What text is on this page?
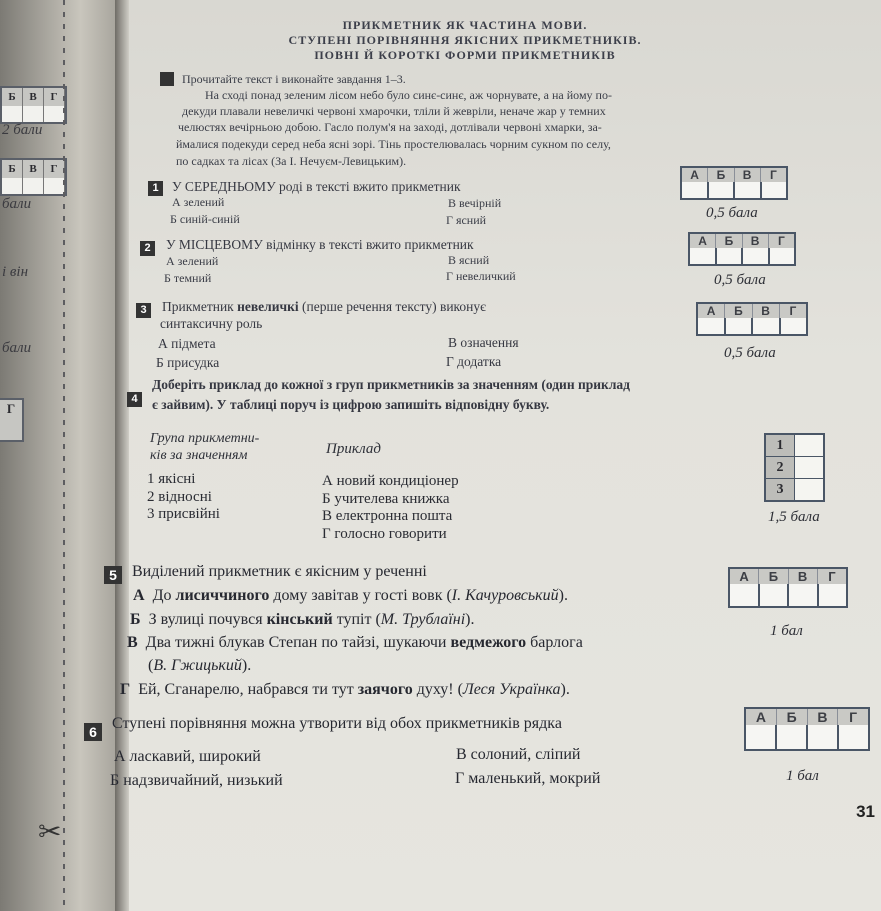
Б	В	Г
2 бали
Б	В	Г
бали
і він
бали
Г
✂
ПРИКМЕТНИК ЯК ЧАСТИНА МОВИ.
СТУПЕНІ ПОРІВНЯННЯ ЯКІСНИХ ПРИКМЕТНИКІВ.
ПОВНІ Й КОРОТКІ ФОРМИ ПРИКМЕТНИКІВ
Прочитайте текст і виконайте завдання 1–3.
На сході понад зеленим лісом небо було синє-синє, аж чорнувате, а на йому по-
декуди плавали невеличкі червоні хмарочки, тліли й жевріли, неначе жар у темних
челюстях вечірньою добою. Гасло полум'я на заході, дотлівали червоні хмарки, за-
ймалися подекуди серед неба ясні зорі. Тінь простелювалась чорним сукном по селу,
по садках та лісах (За І. Нечуєм-Левицьким).
1 У СЕРЕДНЬОМУ роді в тексті вжито прикметник
А зелений
Б синій-синій
В вечірній
Г ясний
А	Б	В	Г
0,5 бала
2	У МІСЦЕВОМУ відмінку в тексті вжито прикметник
А зелений
Б темний
В ясний
Г невеличкий
А	Б	В	Г
0,5 бала
3	Прикметник невеличкі (перше речення тексту) виконує
синтаксичну роль
А підмета
Б присудка
В означення
Г додатка
А	Б	В	Г
0,5 бала
4
Доберіть приклад до кожної з груп прикметників за значенням (один приклад
є зайвим). У таблиці поруч із цифрою запишіть відповідну букву.
Група прикметни-
ків за значенням	Приклад
1 якісні
2 відносні
3 присвійні
А новий кондиціонер
Б учителева книжка
В електронна пошта
Г голосно говорити
1
2
3
1,5 бала
5 Виділений прикметник є якісним у реченні
А До лисиччиного дому завітав у гості вовк (І. Качуровський).
Б З вулиці почувся кінський тупіт (М. Трублаїні).
В Два тижні блукав Степан по тайзі, шукаючи ведмежого барлога
(В. Гжицький).
Г Ей, Сганарелю, набрався ти тут заячого духу! (Леся Українка).
А	Б	В	Г
1 бал
6 Ступені порівняння можна утворити від обох прикметників рядка
А ласкавий, широкий
Б надзвичайний, низький
В солоний, сліпий
Г маленький, мокрий
А	Б	В	Г
1 бал
31
